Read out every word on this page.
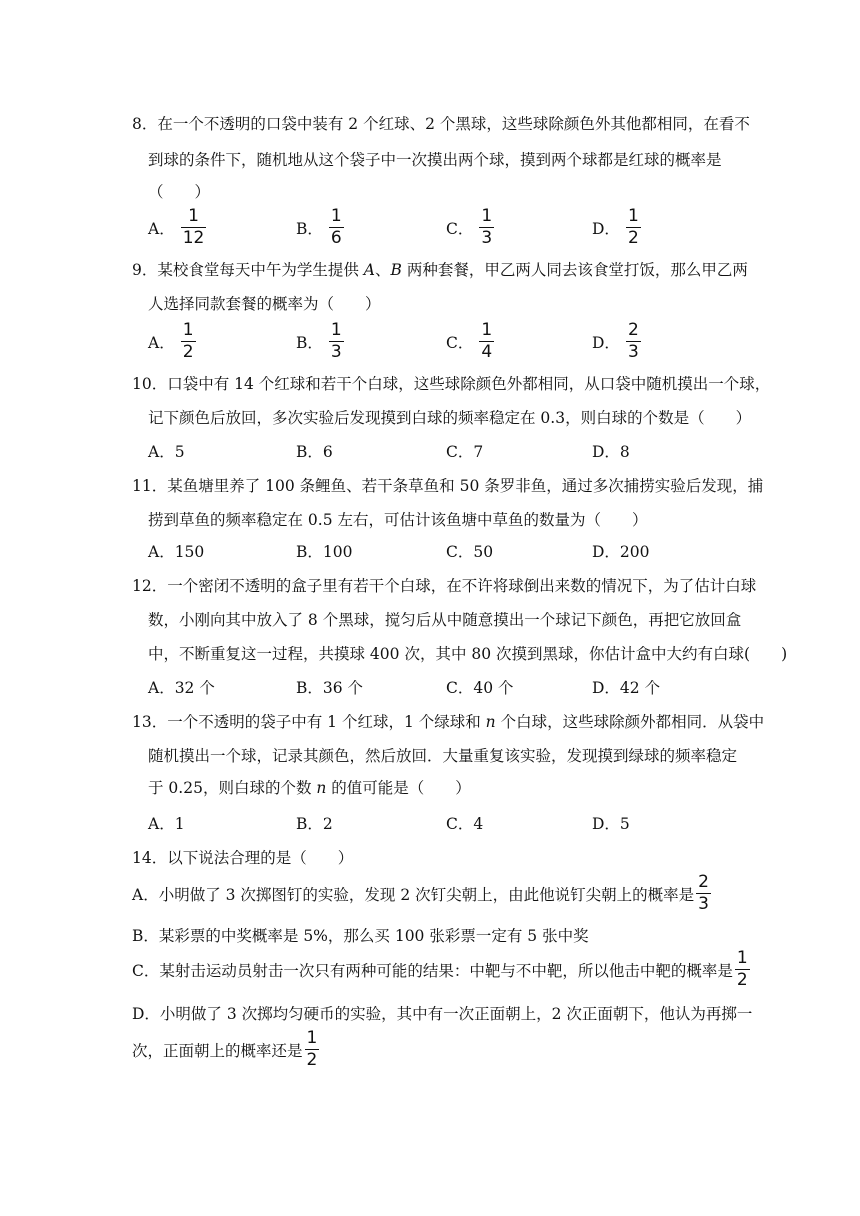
8．在一个不透明的口袋中装有 2 个红球、2 个黑球，这些球除颜色外其他都相同，在看不
到球的条件下，随机地从这个袋子中一次摸出两个球，摸到两个球都是红球的概率是
（　　）
A． $\frac{1}{12}$	B． $\frac{1}{6}$	C． $\frac{1}{3}$	D． $\frac{1}{2}$
9．某校食堂每天中午为学生提供 A、B 两种套餐，甲乙两人同去该食堂打饭，那么甲乙两
人选择同款套餐的概率为（　　）
A． $\frac{1}{2}$	B． $\frac{1}{3}$	C． $\frac{1}{4}$	D． $\frac{2}{3}$
10．口袋中有 14 个红球和若干个白球，这些球除颜色外都相同，从口袋中随机摸出一个球，
记下颜色后放回，多次实验后发现摸到白球的频率稳定在 0.3，则白球的个数是（　　）
A．5	B．6	C．7	D．8
11．某鱼塘里养了 100 条鲤鱼、若干条草鱼和 50 条罗非鱼，通过多次捕捞实验后发现，捕
捞到草鱼的频率稳定在 0.5 左右，可估计该鱼塘中草鱼的数量为（　　）
A．150	B．100	C．50	D．200
12．一个密闭不透明的盒子里有若干个白球，在不许将球倒出来数的情况下，为了估计白球
数，小刚向其中放入了 8 个黑球，搅匀后从中随意摸出一个球记下颜色，再把它放回盒
中，不断重复这一过程，共摸球 400 次，其中 80 次摸到黑球，你估计盒中大约有白球(　　)
A．32 个	B．36 个	C．40 个	D．42 个
13．一个不透明的袋子中有 1 个红球，1 个绿球和 n 个白球，这些球除颜外都相同．从袋中
随机摸出一个球，记录其颜色，然后放回．大量重复该实验，发现摸到绿球的频率稳定
于 0.25，则白球的个数 n 的值可能是（　　）
A．1	B．2	C．4	D．5
14．以下说法合理的是（　　）
A．小明做了 3 次掷图钉的实验，发现 2 次钉尖朝上，由此他说钉尖朝上的概率是 $\frac{2}{3}$
B．某彩票的中奖概率是 5%，那么买 100 张彩票一定有 5 张中奖
C．某射击运动员射击一次只有两种可能的结果：中靶与不中靶，所以他击中靶的概率是 $\frac{1}{2}$
D．小明做了 3 次掷均匀硬币的实验，其中有一次正面朝上，2 次正面朝下，他认为再掷一
次，正面朝上的概率还是 $\frac{1}{2}$
